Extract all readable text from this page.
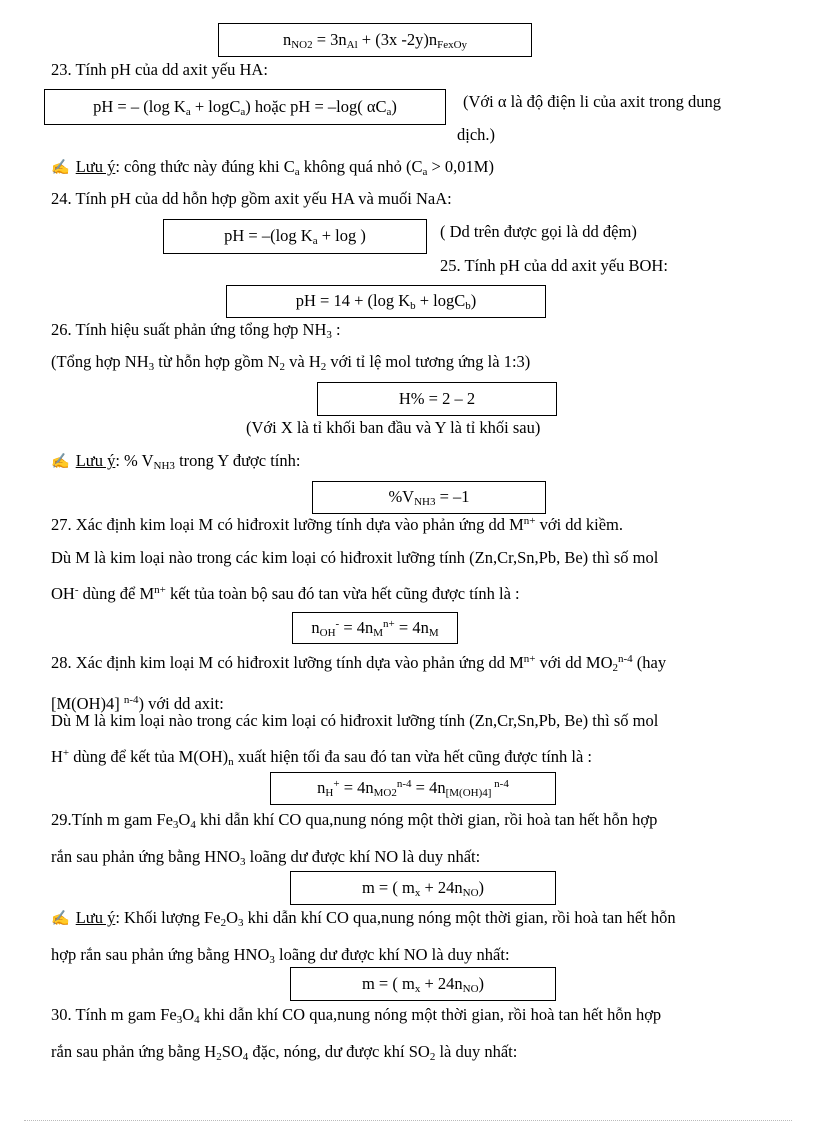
$n_{NO2} = 3n_{Al} + (3x$ $-2y)n_{FexOy}$
23. Tính pH của dd axit yếu HA:
pH = – (log $K_a + \log C_a$) hoặc pH = –log( $\alpha C_a$)	(Với α là độ điện li của axit trong dung
dịch.)
✍ Lưu ý: công thức này đúng khi $C_a$ không quá nhỏ $(C_a > 0,01M)$
24. Tính pH của dd hỗn hợp gồm axit yếu HA và muối NaA:
pH = –(log $K_a + \log$ )	( Dd trên được gọi là dd đệm)
25. Tính pH của dd axit yếu BOH:
pH = 14 + (log $K_b + \log C_b$)
26. Tính hiệu suất phản ứng tổng hợp $NH_3$ :
(Tổng hợp $NH_3$ từ hỗn hợp gồm $N_2$ và $H_2$ với tỉ lệ mol tương ứng là 1:3)
H% = 2 – 2
(Với X là tỉ khối ban đầu và Y là tỉ khối sau)
✍ Lưu ý: % $V_{NH3}$ trong Y được tính:
$\%V_{NH3} = -1$
27. Xác định kim loại M có hiđroxit lưỡng tính dựa vào phản ứng dd $M^{n+}$ với dd kiềm.
Dù M là kim loại nào trong các kim loại có hiđroxit lưỡng tính (Zn,Cr,Sn,Pb, Be) thì số mol
OH- dùng để $M^{n+}$ kết tủa toàn bộ sau đó tan vừa hết cũng được tính là :
$n_{OH}^- = 4n_M^{n+} = 4n_M$
28. Xác định kim loại M có hiđroxit lưỡng tính dựa vào phản ứng dd $M^{n+}$ với dd $MO_2^{n-4}$ (hay
[M(OH)4] $^{n-4}$) với dd axit:
Dù M là kim loại nào trong các kim loại có hiđroxit lưỡng tính (Zn,Cr,Sn,Pb, Be) thì số mol
H+ dùng để kết tủa $M(OH)_n$ xuất hiện tối đa sau đó tan vừa hết cũng được tính là :
$n_H^+ = 4n_{MO2}^{n-4} = 4n_{[M(OH)4]}$ $^{n-4}$
29.Tính m gam $Fe_3O_4$ khi dẫn khí CO qua,nung nóng một thời gian, rồi hoà tan hết hỗn hợp
rắn sau phản ứng bằng $HNO_3$ loãng dư được khí NO là duy nhất:
m = ( $m_x + 24n_{NO}$)
✍ Lưu ý: Khối lượng $Fe_2O_3$ khi dẫn khí CO qua,nung nóng một thời gian, rồi hoà tan hết hỗn
hợp rắn sau phản ứng bằng $HNO_3$ loãng dư được khí NO là duy nhất:
m = ( $m_x + 24n_{NO}$)
30. Tính m gam $Fe_3O_4$ khi dẫn khí CO qua,nung nóng một thời gian, rồi hoà tan hết hỗn hợp
rắn sau phản ứng bằng $H_2SO_4$ đặc, nóng, dư được khí $SO_2$ là duy nhất:
